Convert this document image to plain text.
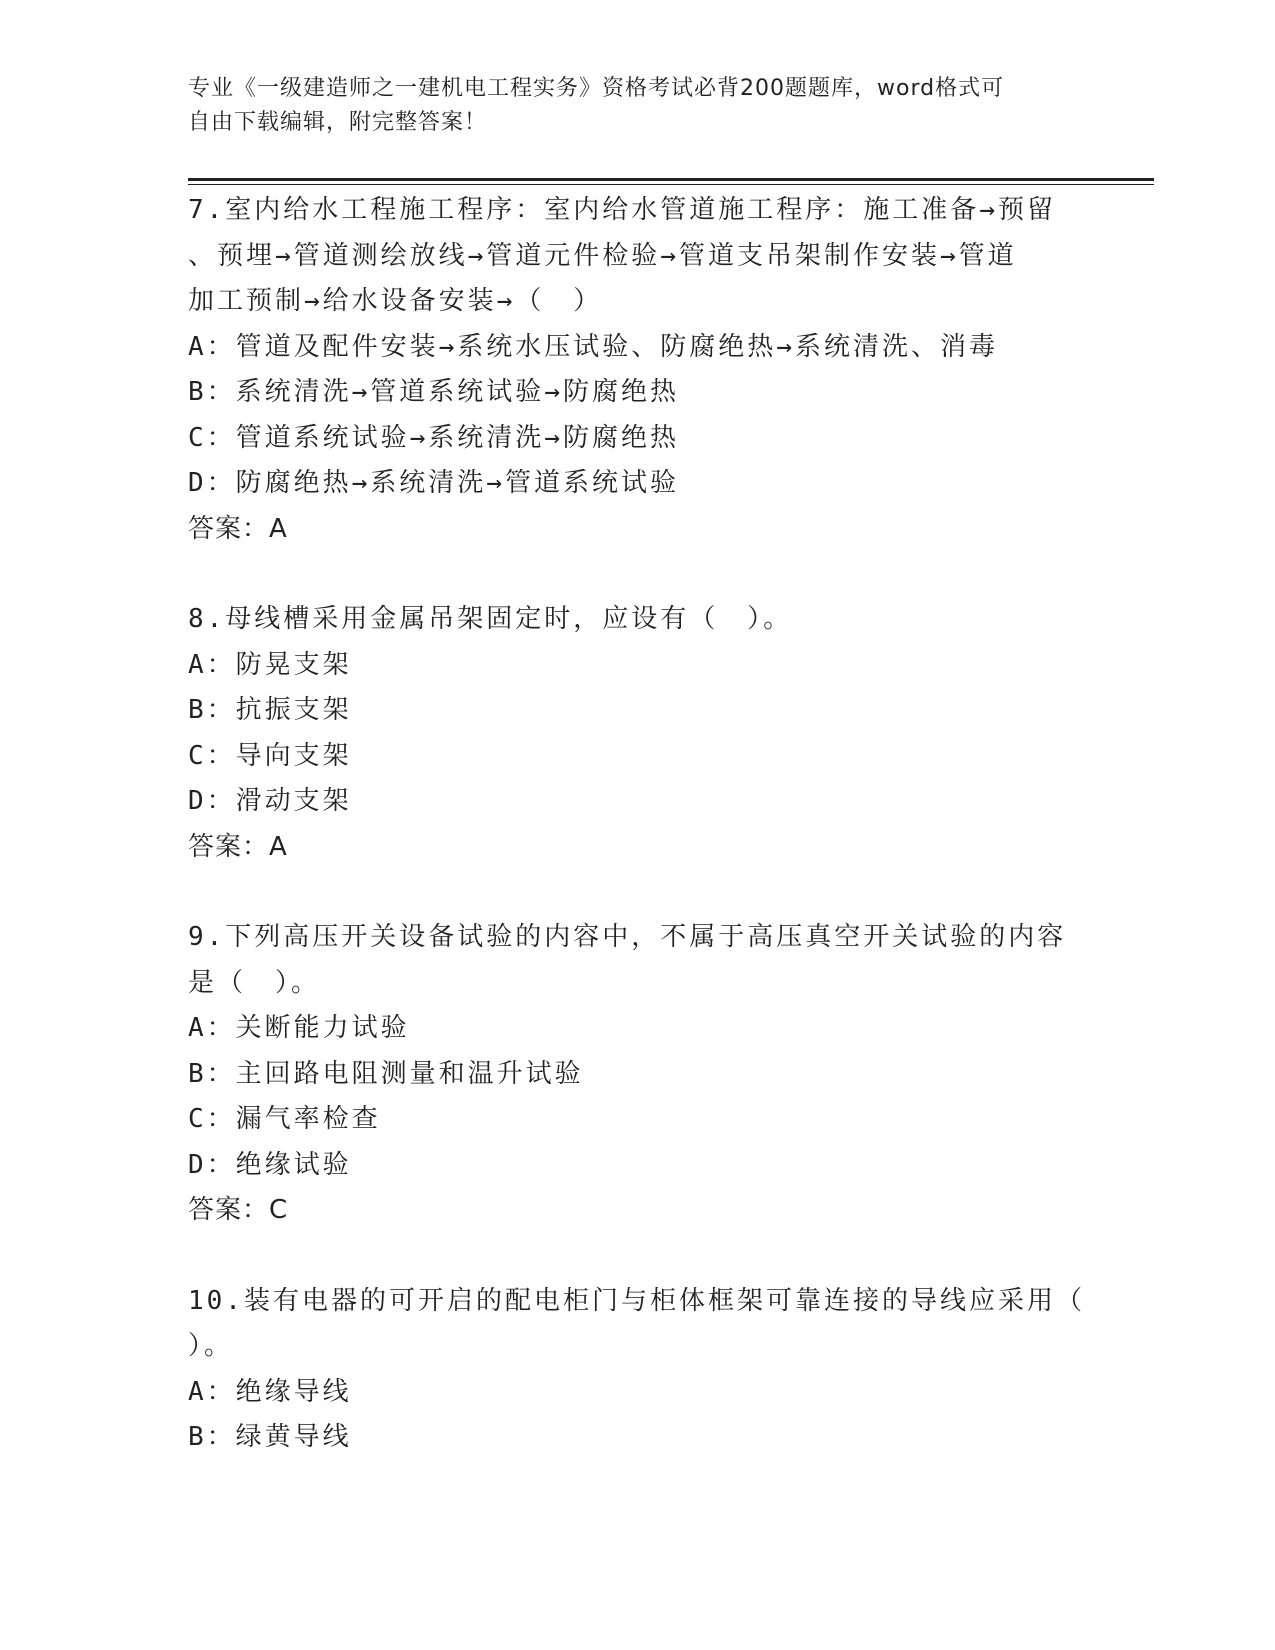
专业《一级建造师之一建机电工程实务》资格考试必背200题题库，word格式可
自由下载编辑，附完整答案！
7.室内给水工程施工程序：室内给水管道施工程序：施工准备→预留
、预埋→管道测绘放线→管道元件检验→管道支吊架制作安装→管道
加工预制→给水设备安装→（　）
A：管道及配件安装→系统水压试验、防腐绝热→系统清洗、消毒
B：系统清洗→管道系统试验→防腐绝热
C：管道系统试验→系统清洗→防腐绝热
D：防腐绝热→系统清洗→管道系统试验
答案：A
8.母线槽采用金属吊架固定时，应设有（　）。
A：防晃支架
B：抗振支架
C：导向支架
D：滑动支架
答案：A
9.下列高压开关设备试验的内容中，不属于高压真空开关试验的内容
是（　）。
A：关断能力试验
B：主回路电阻测量和温升试验
C：漏气率检查
D：绝缘试验
答案：C
10.装有电器的可开启的配电柜门与柜体框架可靠连接的导线应采用（
）。
A：绝缘导线
B：绿黄导线
